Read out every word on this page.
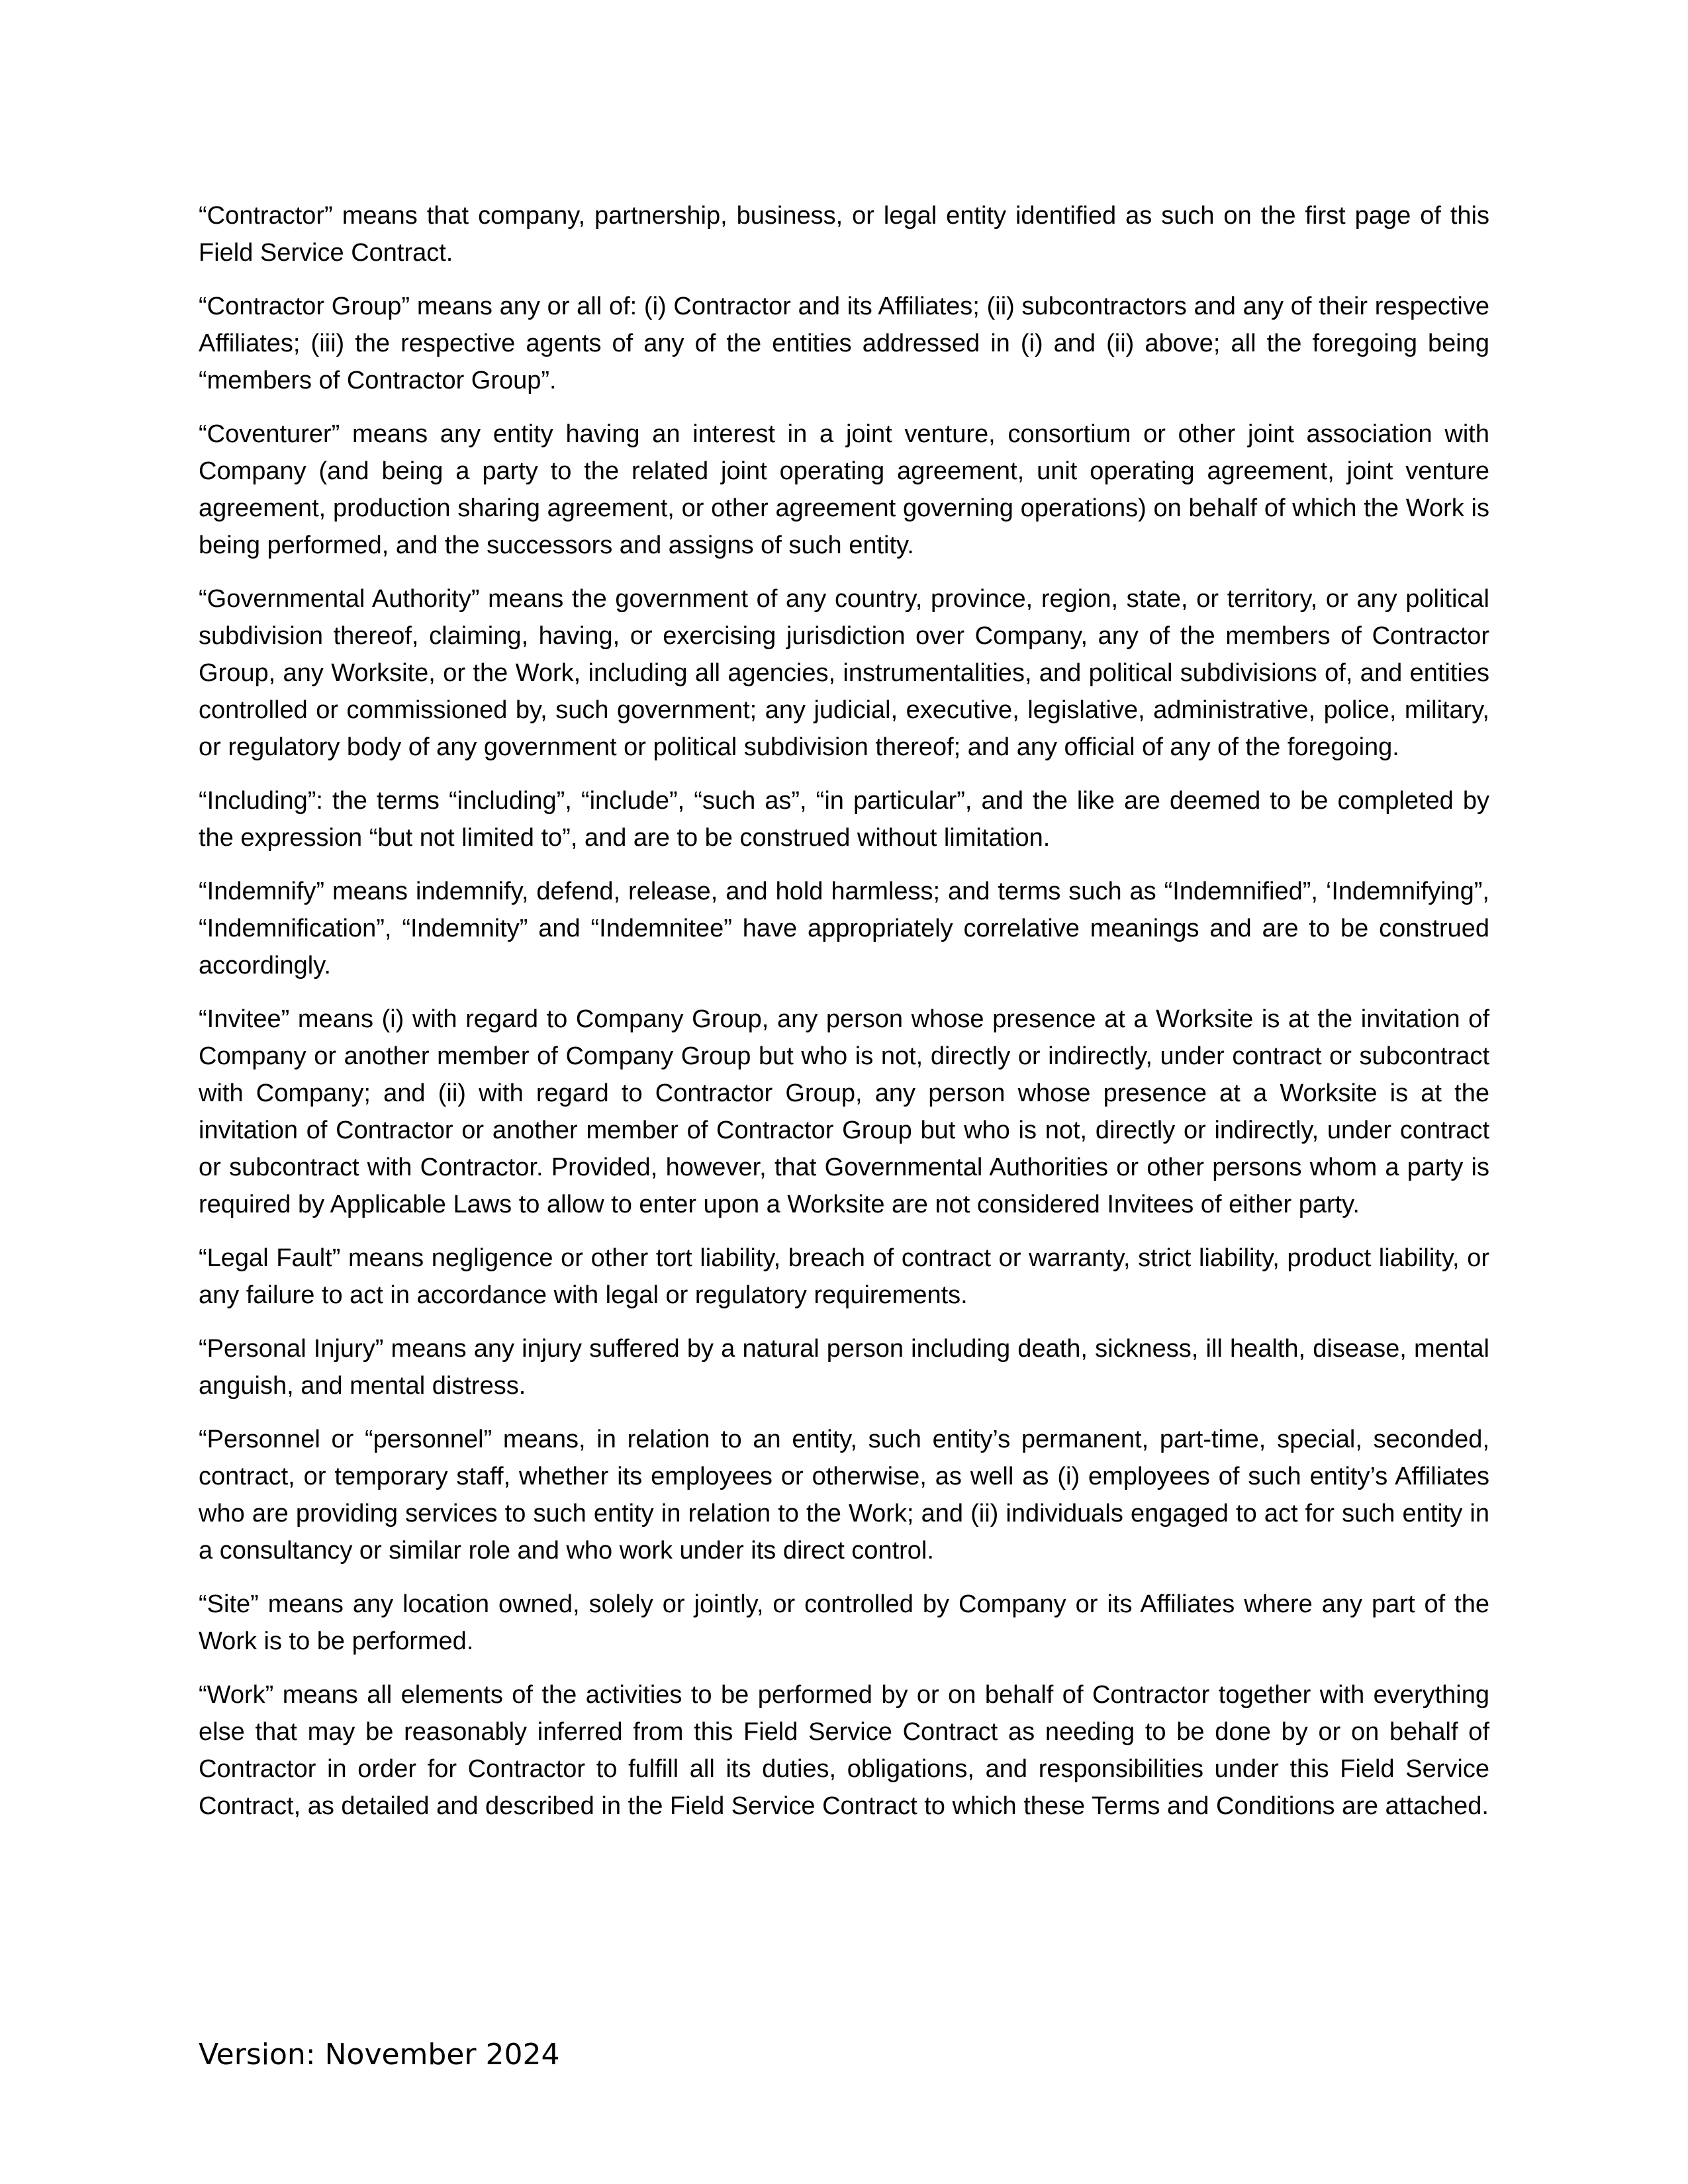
“Contractor” means that company, partnership, business, or legal entity identified as such on the first page of this Field Service Contract.

“Contractor Group” means any or all of: (i) Contractor and its Affiliates; (ii) subcontractors and any of their respective Affiliates; (iii) the respective agents of any of the entities addressed in (i) and (ii) above; all the foregoing being “members of Contractor Group”.

“Coventurer” means any entity having an interest in a joint venture, consortium or other joint association with Company (and being a party to the related joint operating agreement, unit operating agreement, joint venture agreement, production sharing agreement, or other agreement governing operations) on behalf of which the Work is being performed, and the successors and assigns of such entity.

“Governmental Authority” means the government of any country, province, region, state, or territory, or any political subdivision thereof, claiming, having, or exercising jurisdiction over Company, any of the members of Contractor Group, any Worksite, or the Work, including all agencies, instrumentalities, and political subdivisions of, and entities controlled or commissioned by, such government; any judicial, executive, legislative, administrative, police, military, or regulatory body of any government or political subdivision thereof; and any official of any of the foregoing.

“Including”: the terms “including”, “include”, “such as”, “in particular”, and the like are deemed to be completed by the expression “but not limited to”, and are to be construed without limitation.

“Indemnify” means indemnify, defend, release, and hold harmless; and terms such as “Indemnified”, ‘Indemnifying”, “Indemnification”, “Indemnity” and “Indemnitee” have appropriately correlative meanings and are to be construed accordingly.

“Invitee” means (i) with regard to Company Group, any person whose presence at a Worksite is at the invitation of Company or another member of Company Group but who is not, directly or indirectly, under contract or subcontract with Company; and (ii) with regard to Contractor Group, any person whose presence at a Worksite is at the invitation of Contractor or another member of Contractor Group but who is not, directly or indirectly, under contract or subcontract with Contractor. Provided, however, that Governmental Authorities or other persons whom a party is required by Applicable Laws to allow to enter upon a Worksite are not considered Invitees of either party.

“Legal Fault” means negligence or other tort liability, breach of contract or warranty, strict liability, product liability, or any failure to act in accordance with legal or regulatory requirements.

“Personal Injury” means any injury suffered by a natural person including death, sickness, ill health, disease, mental anguish, and mental distress.

“Personnel or “personnel” means, in relation to an entity, such entity’s permanent, part-time, special, seconded, contract, or temporary staff, whether its employees or otherwise, as well as (i) employees of such entity’s Affiliates who are providing services to such entity in relation to the Work; and (ii) individuals engaged to act for such entity in a consultancy or similar role and who work under its direct control.

“Site” means any location owned, solely or jointly, or controlled by Company or its Affiliates where any part of the Work is to be performed.

“Work” means all elements of the activities to be performed by or on behalf of Contractor together with everything else that may be reasonably inferred from this Field Service Contract as needing to be done by or on behalf of Contractor in order for Contractor to fulfill all its duties, obligations, and responsibilities under this Field Service Contract, as detailed and described in the Field Service Contract to which these Terms and Conditions are attached.

Version: November 2024
